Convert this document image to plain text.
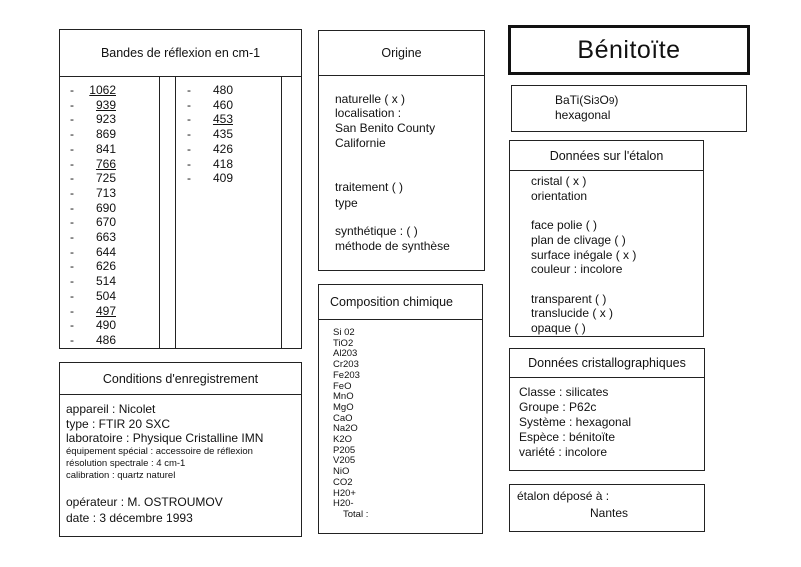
Bandes de réflexion en cm-1
- 1062
- 939
- 923
- 869
- 841
- 766
- 725
- 713
- 690
- 670
- 663
- 644
- 626
- 514
- 504
- 497
- 490
- 486
- 480
- 460
- 453
- 435
- 426
- 418
- 409
Origine
naturelle ( x )
localisation :
San Benito County
Californie
traitement ( )
type
synthétique : ( )
méthode de synthèse
Bénitoïte
BaTi(Si3O9)
hexagonal
Données sur l'étalon
cristal ( x )
orientation
face polie ( )
plan de clivage ( )
surface inégale ( x )
couleur : incolore
transparent ( )
translucide ( x )
opaque ( )
Composition chimique
Si 02
TiO2
Al203
Cr203
Fe203
FeO
MnO
MgO
CaO
Na2O
K2O
P205
V205
NiO
CO2
H20+
H20-
Total :
Conditions d'enregistrement
appareil : Nicolet
type : FTIR 20 SXC
laboratoire : Physique Cristalline IMN
équipement spécial : accessoire de réflexion
résolution spectrale : 4 cm-1
calibration : quartz naturel
opérateur : M. OSTROUMOV
date : 3 décembre 1993
Données cristallographiques
Classe : silicates
Groupe : P62c
Système : hexagonal
Espèce : bénitoïte
variété : incolore
étalon déposé à :
Nantes
